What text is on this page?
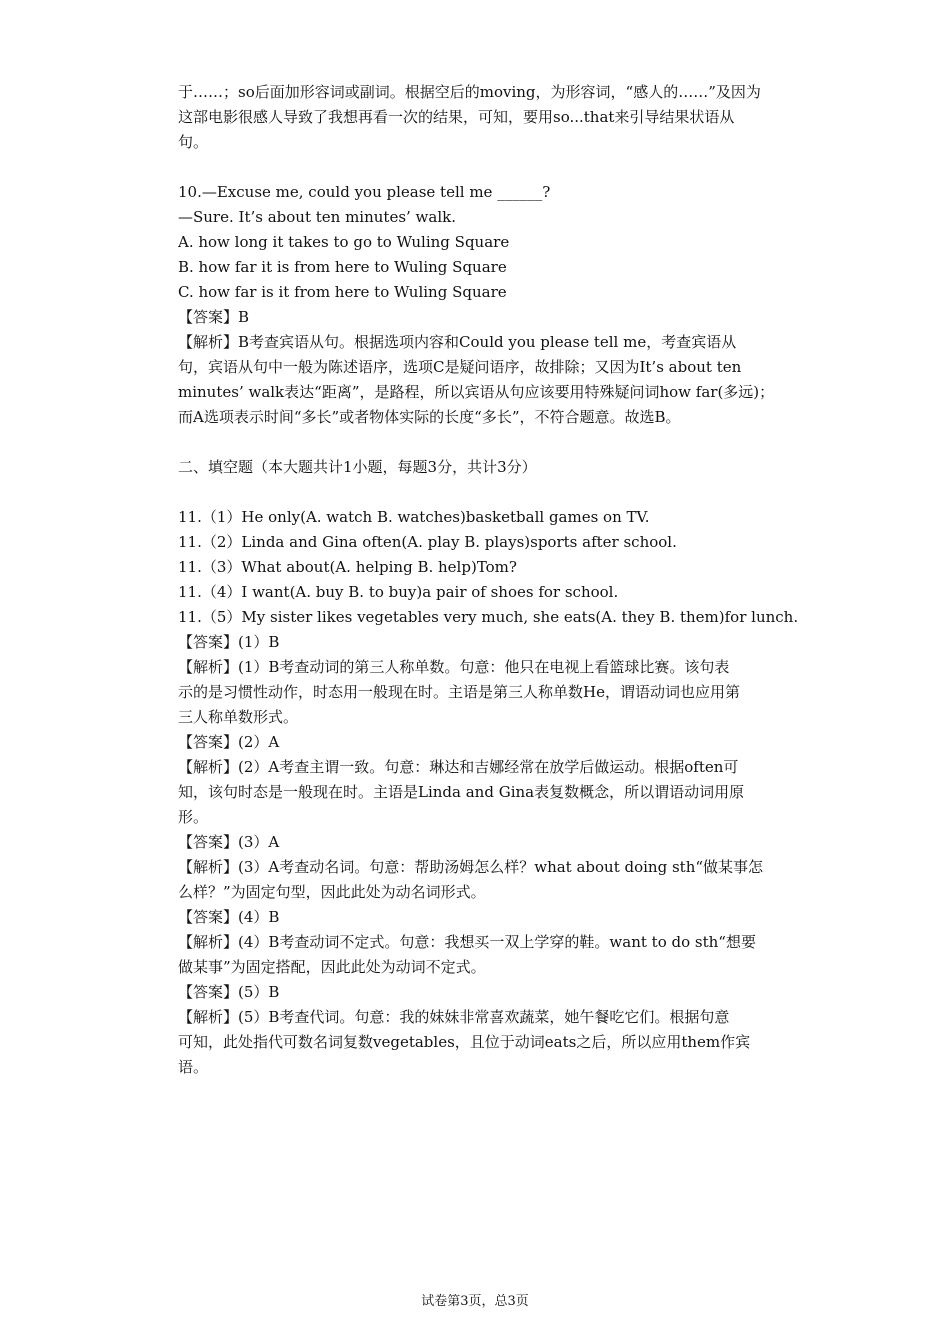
于……；so后面加形容词或副词。根据空后的moving，为形容词，“感人的……”及因为
这部电影很感人导致了我想再看一次的结果，可知，要用so...that来引导结果状语从
句。
10.—Excuse me, could you please tell me ______?
—Sure. It’s about ten minutes’ walk.
A. how long it takes to go to Wuling Square
B. how far it is from here to Wuling Square
C. how far is it from here to Wuling Square
【答案】B
【解析】B考查宾语从句。根据选项内容和Could you please tell me，考查宾语从
句，宾语从句中一般为陈述语序，选项C是疑问语序，故排除；又因为It’s about ten
minutes’ walk表达“距离”，是路程，所以宾语从句应该要用特殊疑问词how far(多远)；
而A选项表示时间“多长”或者物体实际的长度“多长”，不符合题意。故选B。
二、填空题（本大题共计1小题，每题3分，共计3分）
11.（1）He only(A. watch B. watches)basketball games on TV.
11.（2）Linda and Gina often(A. play B. plays)sports after school.
11.（3）What about(A. helping B. help)Tom?
11.（4）I want(A. buy B. to buy)a pair of shoes for school.
11.（5）My sister likes vegetables very much, she eats(A. they B. them)for lunch.
【答案】(1）B
【解析】(1）B考查动词的第三人称单数。句意：他只在电视上看篮球比赛。该句表
示的是习惯性动作，时态用一般现在时。主语是第三人称单数He，谓语动词也应用第
三人称单数形式。
【答案】(2）A
【解析】(2）A考查主谓一致。句意：琳达和吉娜经常在放学后做运动。根据often可
知，该句时态是一般现在时。主语是Linda and Gina表复数概念，所以谓语动词用原
形。
【答案】(3）A
【解析】(3）A考查动名词。句意：帮助汤姆怎么样？what about doing sth“做某事怎
么样？”为固定句型，因此此处为动名词形式。
【答案】(4）B
【解析】(4）B考查动词不定式。句意：我想买一双上学穿的鞋。want to do sth“想要
做某事”为固定搭配，因此此处为动词不定式。
【答案】(5）B
【解析】(5）B考查代词。句意：我的妹妹非常喜欢蔬菜，她午餐吃它们。根据句意
可知，此处指代可数名词复数vegetables，且位于动词eats之后，所以应用them作宾
语。
试卷第3页，总3页
